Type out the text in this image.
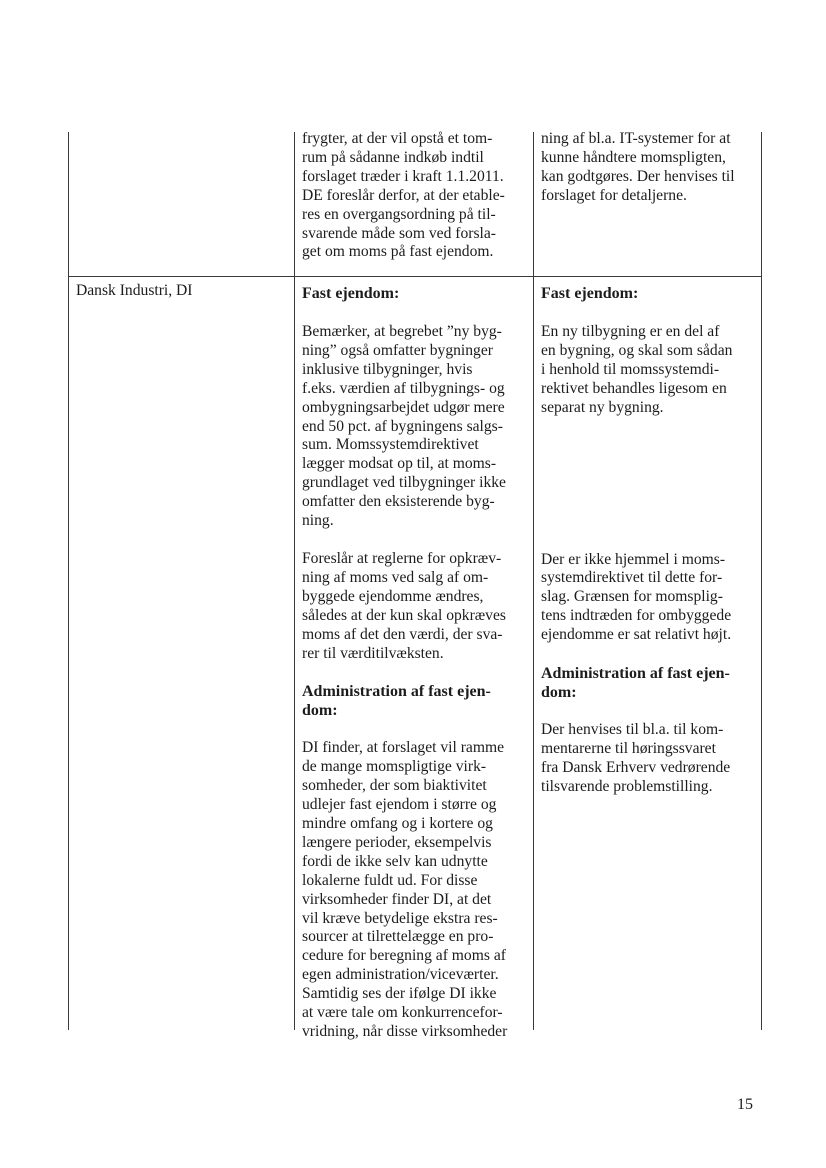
frygter, at der vil opstå et tom-
rum på sådanne indkøb indtil
forslaget træder i kraft 1.1.2011.
DE foreslår derfor, at der etable-
res en overgangsordning på til-
svarende måde som ved forsla-
get om moms på fast ejendom.

ning af bl.a. IT-systemer for at
kunne håndtere momspligten,
kan godtgøres. Der henvises til
forslaget for detaljerne.

Dansk Industri, DI	Fast ejendom:

Bemærker, at begrebet ”ny byg-
ning” også omfatter bygninger
inklusive tilbygninger, hvis
f.eks. værdien af tilbygnings- og
ombygningsarbejdet udgør mere
end 50 pct. af bygningens salgs-
sum. Momssystemdirektivet
lægger modsat op til, at moms-
grundlaget ved tilbygninger ikke
omfatter den eksisterende byg-
ning.

Foreslår at reglerne for opkræv-
ning af moms ved salg af om-
byggede ejendomme ændres,
således at der kun skal opkræves
moms af det den værdi, der sva-
rer til værditilvæksten.

Administration af fast ejen-
dom:

DI finder, at forslaget vil ramme
de mange momspligtige virk-
somheder, der som biaktivitet
udlejer fast ejendom i større og
mindre omfang og i kortere og
længere perioder, eksempelvis
fordi de ikke selv kan udnytte
lokalerne fuldt ud. For disse
virksomheder finder DI, at det
vil kræve betydelige ekstra res-
sourcer at tilrettelægge en pro-
cedure for beregning af moms af
egen administration/viceværter.
Samtidig ses der ifølge DI ikke
at være tale om konkurrencefor-
vridning, når disse virksomheder

Fast ejendom:

En ny tilbygning er en del af
en bygning, og skal som sådan
i henhold til momssystemdi-
rektivet behandles ligesom en
separat ny bygning.

Der er ikke hjemmel i moms-
systemdirektivet til dette for-
slag. Grænsen for momsplig-
tens indtræden for ombyggede
ejendomme er sat relativt højt.

Administration af fast ejen-
dom:

Der henvises til bl.a. til kom-
mentarerne til høringssvaret
fra Dansk Erhverv vedrørende
tilsvarende problemstilling.

15
